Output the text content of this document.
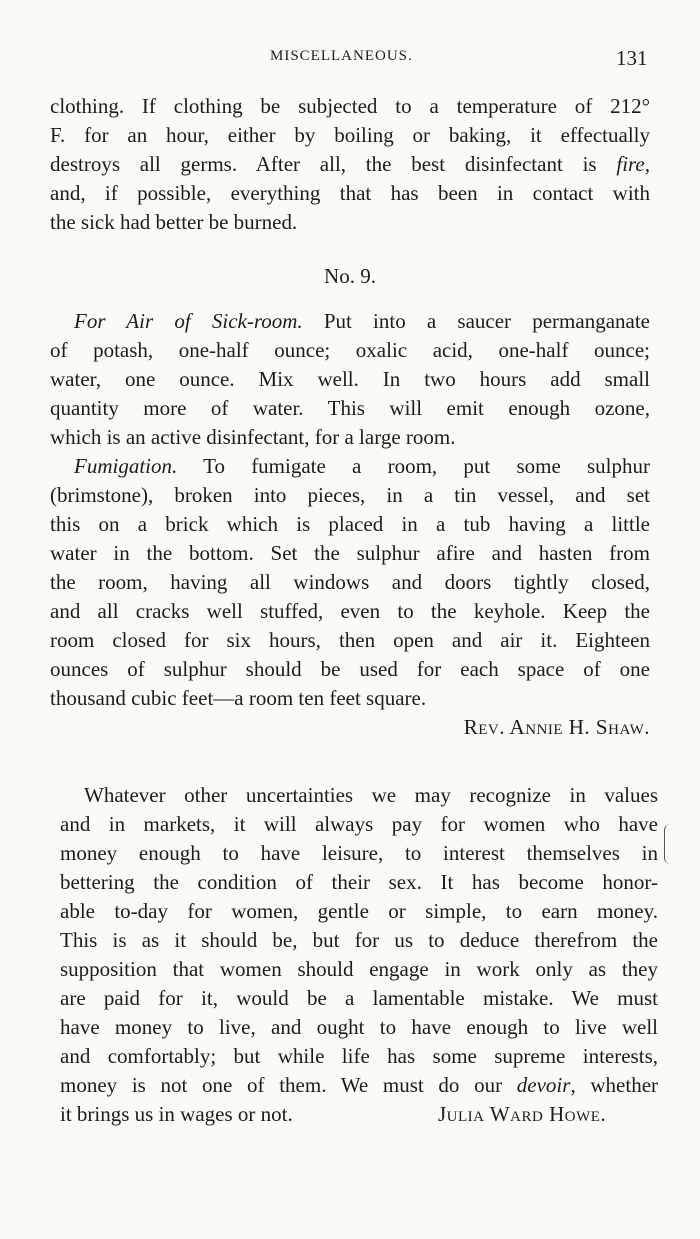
MISCELLANEOUS.	131
clothing. If clothing be subjected to a temperature of 212°
F. for an hour, either by boiling or baking, it effectually
destroys all germs. After all, the best disinfectant is fire,
and, if possible, everything that has been in contact with
the sick had better be burned.
No. 9.
For Air of Sick-room. Put into a saucer permanganate
of potash, one-half ounce; oxalic acid, one-half ounce;
water, one ounce. Mix well. In two hours add small
quantity more of water. This will emit enough ozone,
which is an active disinfectant, for a large room.
Fumigation. To fumigate a room, put some sulphur
(brimstone), broken into pieces, in a tin vessel, and set
this on a brick which is placed in a tub having a little
water in the bottom. Set the sulphur afire and hasten from
the room, having all windows and doors tightly closed,
and all cracks well stuffed, even to the keyhole. Keep the
room closed for six hours, then open and air it. Eighteen
ounces of sulphur should be used for each space of one
thousand cubic feet—a room ten feet square.
Rev. Annie H. Shaw.
Whatever other uncertainties we may recognize in values
and in markets, it will always pay for women who have
money enough to have leisure, to interest themselves in
bettering the condition of their sex. It has become honor-
able to-day for women, gentle or simple, to earn money.
This is as it should be, but for us to deduce therefrom the
supposition that women should engage in work only as they
are paid for it, would be a lamentable mistake. We must
have money to live, and ought to have enough to live well
and comfortably; but while life has some supreme interests,
money is not one of them. We must do our devoir, whether
it brings us in wages or not.	Julia Ward Howe.
